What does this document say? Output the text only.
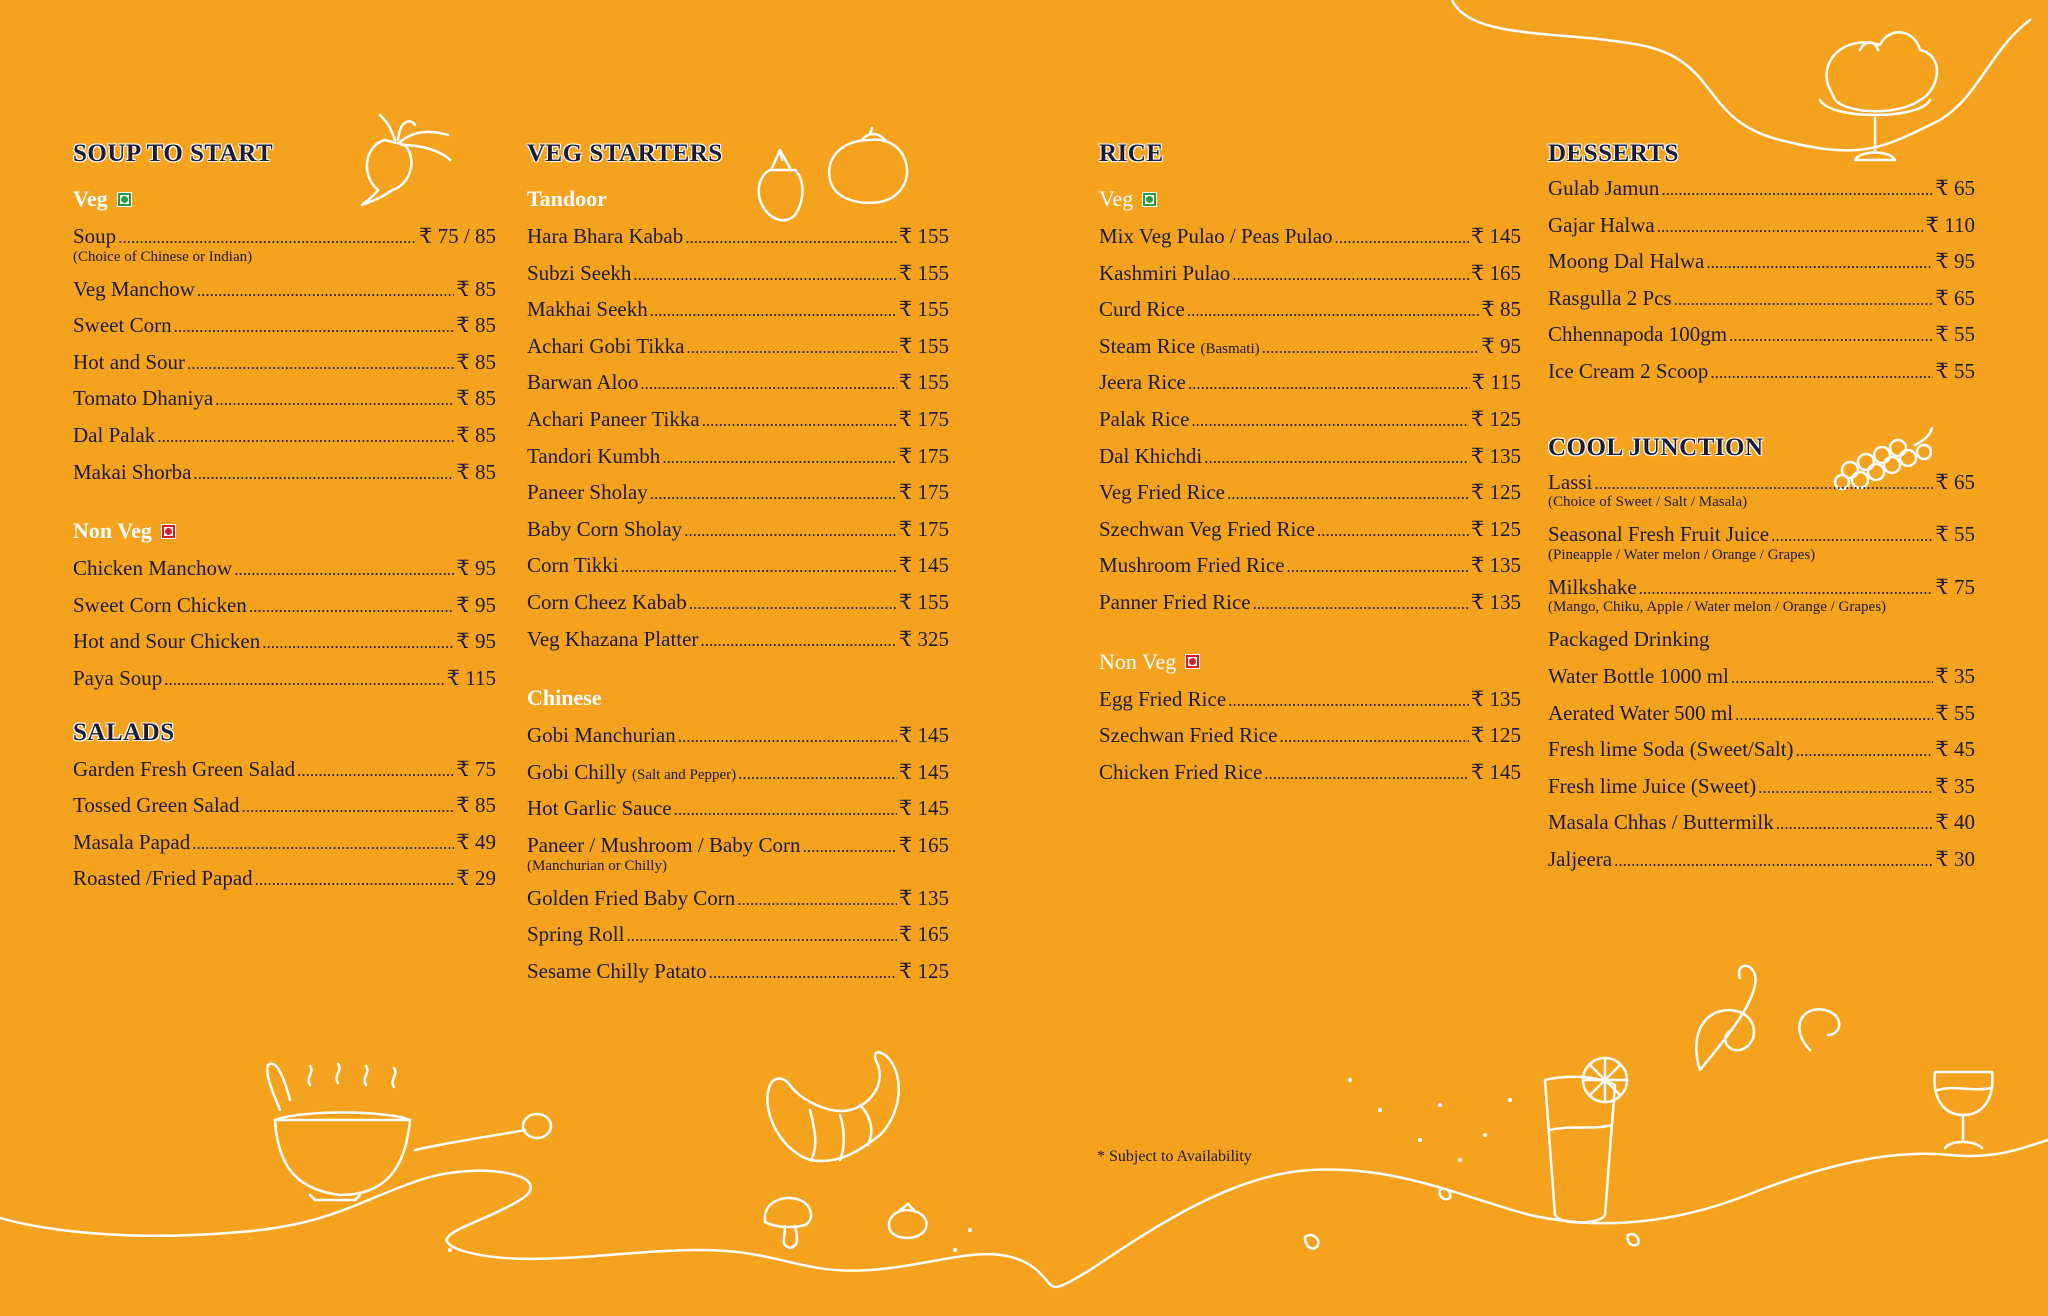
SOUP TO START
Veg
Soup .....	₹ 75 / 85
(Choice of Chinese or Indian)
Veg Manchow .....	₹ 85
Sweet Corn .....	₹ 85
Hot and Sour .....	₹ 85
Tomato Dhaniya .....	₹ 85
Dal Palak .....	₹ 85
Makai Shorba .....	₹ 85
Non Veg
Chicken Manchow .....	₹ 95
Sweet Corn Chicken .....	₹ 95
Hot and Sour Chicken .....	₹ 95
Paya Soup .....	₹ 115
SALADS
Garden Fresh Green Salad .....	₹ 75
Tossed Green Salad .....	₹ 85
Masala Papad .....	₹ 49
Roasted /Fried Papad .....	₹ 29
VEG STARTERS
Tandoor
Hara Bhara Kabab .....	₹ 155
Subzi Seekh .....	₹ 155
Makhai Seekh .....	₹ 155
Achari Gobi Tikka .....	₹ 155
Barwan Aloo .....	₹ 155
Achari Paneer Tikka .....	₹ 175
Tandori Kumbh .....	₹ 175
Paneer Sholay .....	₹ 175
Baby Corn Sholay .....	₹ 175
Corn Tikki .....	₹ 145
Corn Cheez Kabab .....	₹ 155
Veg Khazana Platter .....	₹ 325
Chinese
Gobi Manchurian .....	₹ 145
Gobi Chilly (Salt and Pepper) .....	₹ 145
Hot Garlic Sauce .....	₹ 145
Paneer / Mushroom / Baby Corn .....	₹ 165
(Manchurian or Chilly)
Golden Fried Baby Corn .....	₹ 135
Spring Roll .....	₹ 165
Sesame Chilly Patato .....	₹ 125
RICE
Veg
Mix Veg Pulao / Peas Pulao .....	₹ 145
Kashmiri Pulao .....	₹ 165
Curd Rice .....	₹ 85
Steam Rice (Basmati) .....	₹ 95
Jeera Rice .....	₹ 115
Palak Rice .....	₹ 125
Dal Khichdi .....	₹ 135
Veg Fried Rice .....	₹ 125
Szechwan Veg Fried Rice .....	₹ 125
Mushroom Fried Rice .....	₹ 135
Panner Fried Rice .....	₹ 135
Non Veg
Egg Fried Rice .....	₹ 135
Szechwan Fried Rice .....	₹ 125
Chicken Fried Rice .....	₹ 145
DESSERTS
Gulab Jamun .....	₹ 65
Gajar Halwa .....	₹ 110
Moong Dal Halwa .....	₹ 95
Rasgulla 2 Pcs .....	₹ 65
Chhennapoda 100gm .....	₹ 55
Ice Cream 2 Scoop .....	₹ 55
COOL JUNCTION
Lassi .....	₹ 65
(Choice of Sweet / Salt / Masala)
Seasonal Fresh Fruit Juice .....	₹ 55
(Pineapple / Water melon / Orange / Grapes)
Milkshake .....	₹ 75
(Mango, Chiku, Apple / Water melon / Orange / Grapes)
Packaged Drinking
Water Bottle 1000 ml .....	₹ 35
Aerated Water 500 ml .....	₹ 55
Fresh lime Soda (Sweet/Salt) .....	₹ 45
Fresh lime Juice (Sweet) .....	₹ 35
Masala Chhas / Buttermilk .....	₹ 40
Jaljeera .....	₹ 30
* Subject to Availability
